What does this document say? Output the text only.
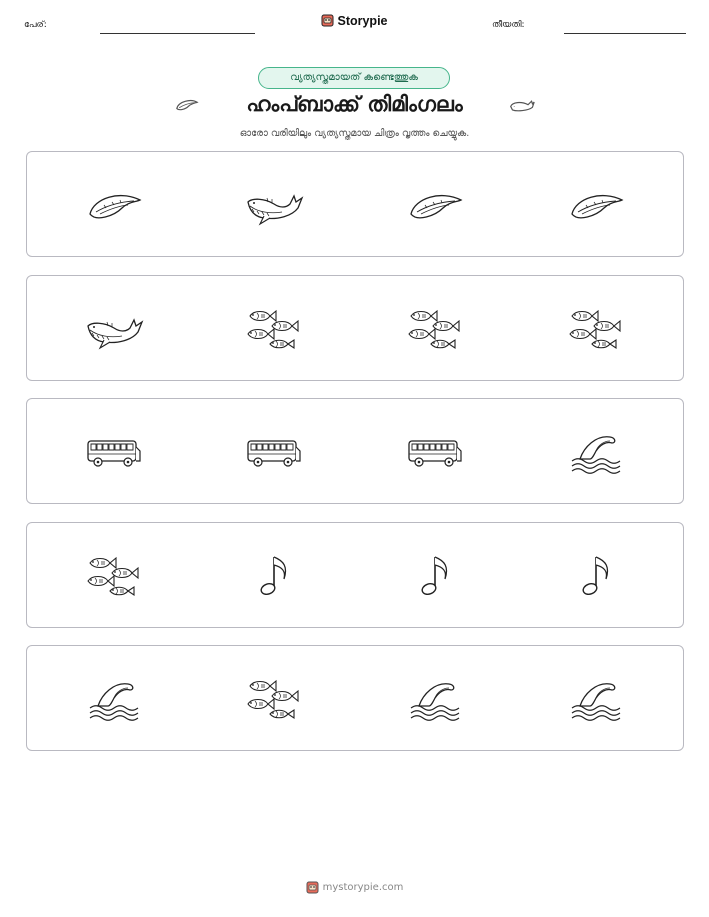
പേര്:	Storypie	തീയതി:
വ്യത്യസ്തമായത് കണ്ടെത്തുക
ഹംപ്ബാക്ക് തിമിംഗലം
ഓരോ വരിയിലും വ്യത്യസ്തമായ ചിത്രം വൃത്തം ചെയ്യുക.
mystorypie.com
